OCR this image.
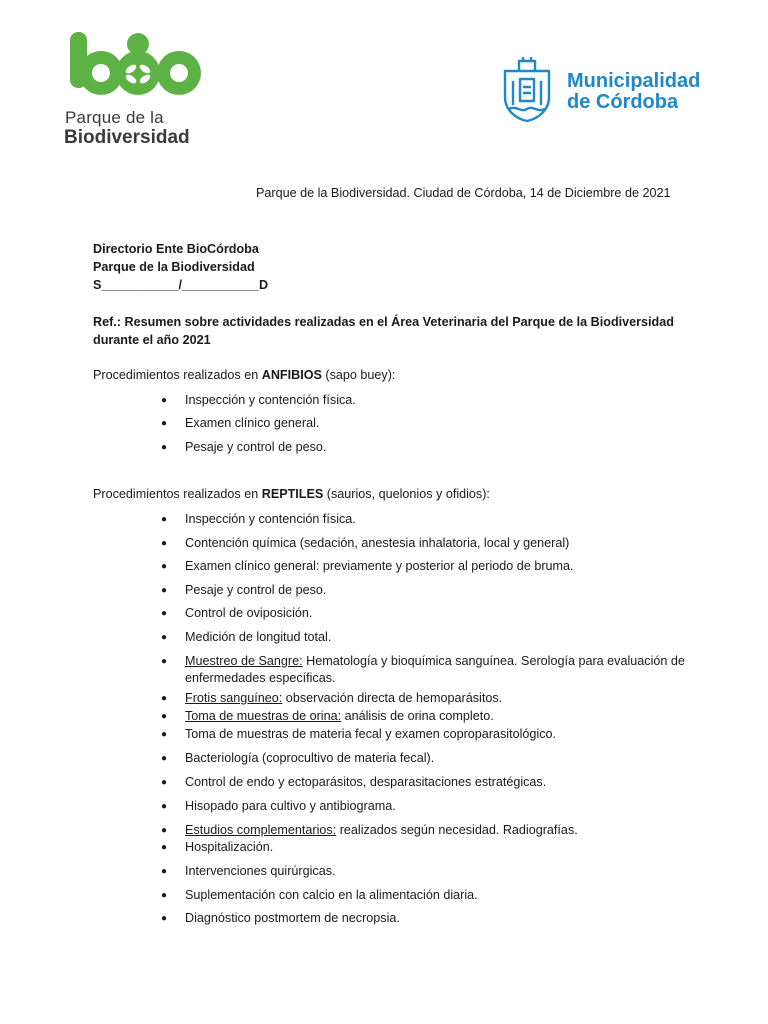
Parque de la
Biodiversidad
Municipalidad
de Córdoba
Parque de la Biodiversidad. Ciudad de Córdoba, 14 de Diciembre de 2021
Directorio Ente BioCórdoba
Parque de la Biodiversidad
S___________/___________D
Ref.: Resumen sobre actividades realizadas en el Área Veterinaria del Parque de la Biodiversidad durante el año 2021
Procedimientos realizados en ANFIBIOS (sapo buey):
● Inspección y contención física.
● Examen clínico general.
● Pesaje y control de peso.
Procedimientos realizados en REPTILES (saurios, quelonios y ofidios):
● Inspección y contención física.
● Contención química (sedación, anestesia inhalatoria, local y general)
● Examen clínico general: previamente y posterior al periodo de bruma.
● Pesaje y control de peso.
● Control de oviposición.
● Medición de longitud total.
● Muestreo de Sangre: Hematología y bioquímica sanguínea. Serología para evaluación de enfermedades específicas.
● Frotis sanguíneo: observación directa de hemoparásitos.
● Toma de muestras de orina: análisis de orina completo.
● Toma de muestras de materia fecal y examen coproparasitológico.
● Bacteriología (coprocultivo de materia fecal).
● Control de endo y ectoparásitos, desparasitaciones estratégicas.
● Hisopado para cultivo y antibiograma.
● Estudios complementarios: realizados según necesidad. Radiografías.
● Hospitalización.
● Intervenciones quirúrgicas.
● Suplementación con calcio en la alimentación diaria.
● Diagnóstico postmortem de necropsia.
